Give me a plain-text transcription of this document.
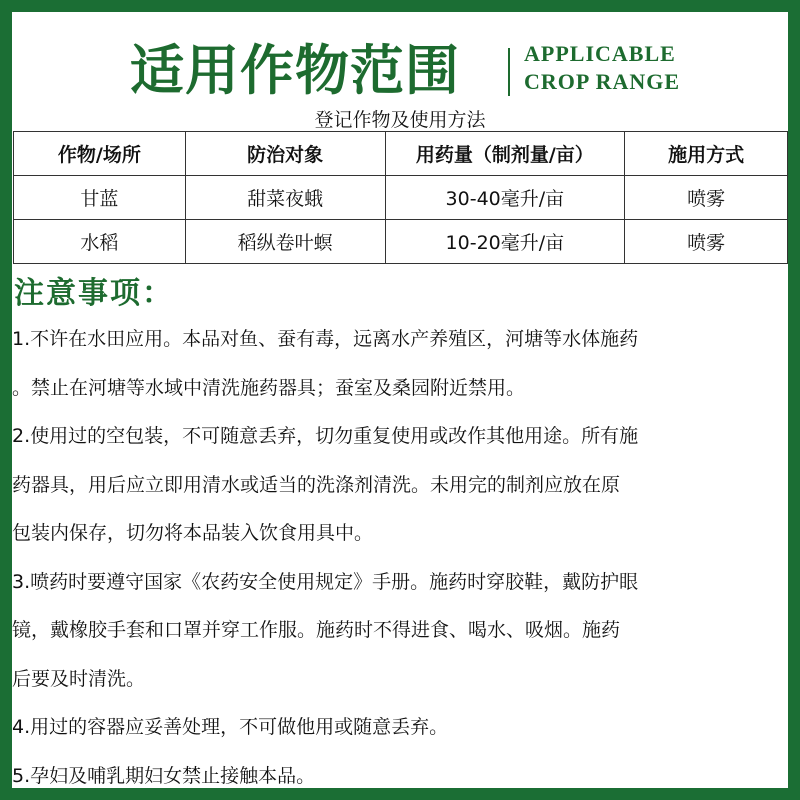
适用作物范围	APPLICABLE
CROP RANGE
登记作物及使用方法
作物/场所	防治对象	用药量（制剂量/亩）	施用方式
甘蓝	甜菜夜蛾	30-40毫升/亩	喷雾
水稻	稻纵卷叶螟	10-20毫升/亩	喷雾
注意事项：
1.不许在水田应用。本品对鱼、蚕有毒，远离水产养殖区，河塘等水体施药
。禁止在河塘等水域中清洗施药器具；蚕室及桑园附近禁用。
2.使用过的空包装，不可随意丢弃，切勿重复使用或改作其他用途。所有施
药器具，用后应立即用清水或适当的洗涤剂清洗。未用完的制剂应放在原
包装内保存，切勿将本品装入饮食用具中。
3.喷药时要遵守国家《农药安全使用规定》手册。施药时穿胶鞋，戴防护眼
镜，戴橡胶手套和口罩并穿工作服。施药时不得进食、喝水、吸烟。施药
后要及时清洗。
4.用过的容器应妥善处理，不可做他用或随意丢弃。
5.孕妇及哺乳期妇女禁止接触本品。
